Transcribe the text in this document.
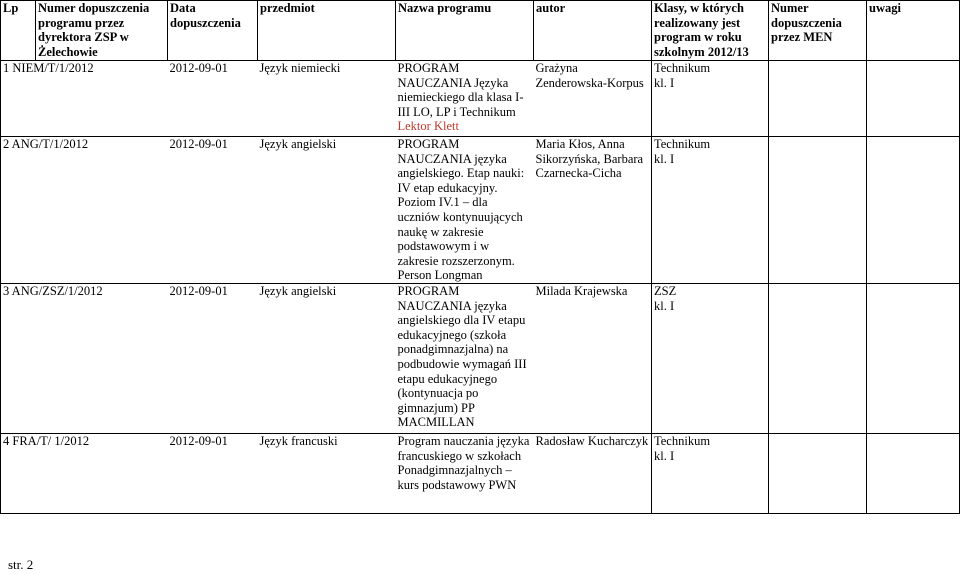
Lp	Numer dopuszczenia programu przez dyrektora ZSP w Żelechowie	Data dopuszczenia	przedmiot	Nazwa programu	autor	Klasy, w których realizowany jest program w roku szkolnym 2012/13	Numer dopuszczenia przez MEN	uwagi
1 NIEM/T/1/2012		2012-09-01	Język niemiecki	PROGRAM NAUCZANIA Języka niemieckiego dla klasa I-III LO, LP i Technikum
Lektor Klett	Grażyna Zenderowska-Korpus	Technikum
kl. I		
2 ANG/T/1/2012		2012-09-01	Język angielski	PROGRAM NAUCZANIA języka angielskiego. Etap nauki: IV etap edukacyjny. Poziom IV.1 – dla uczniów kontynuujących naukę w zakresie podstawowym i w zakresie rozszerzonym. Person Longman	Maria Kłos, Anna Sikorzyńska, Barbara Czarnecka-Cicha	Technikum
kl. I		
3 ANG/ZSZ/1/2012		2012-09-01	Język angielski	PROGRAM NAUCZANIA języka angielskiego dla IV etapu edukacyjnego (szkoła ponadgimnazjalna) na podbudowie wymagań III etapu edukacyjnego (kontynuacja po gimnazjum) PP MACMILLAN	Milada Krajewska	ZSZ
kl. I		
4 FRA/T/ 1/2012		2012-09-01	Język francuski	Program nauczania języka francuskiego w szkołach Ponadgimnazjalnych – kurs podstawowy PWN	Radosław Kucharczyk	Technikum
kl. I		
str. 2
